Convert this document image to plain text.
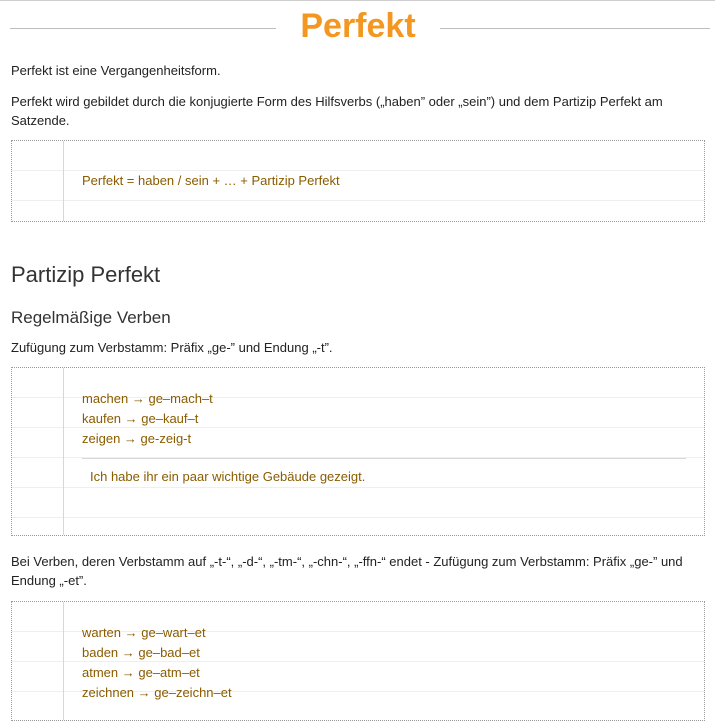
Perfekt
Perfekt ist eine Vergangenheitsform.
Perfekt wird gebildet durch die konjugierte Form des Hilfsverbs („haben” oder „sein”) und dem Partizip Perfekt am Satzende.
Perfekt = haben / sein + … + Partizip Perfekt
Partizip Perfekt
Regelmäßige Verben
Zufügung zum Verbstamm: Präfix „ge-” und Endung „-t”.
machen → ge–mach–t
kaufen → ge–kauf–t
zeigen → ge-zeig-t
Ich habe ihr ein paar wichtige Gebäude gezeigt.
Bei Verben, deren Verbstamm auf „-t-“, „-d-“, „-tm-“, „-chn-“, „-ffn-“ endet - Zufügung zum Verbstamm: Präfix „ge-” und Endung „-et”.
warten → ge–wart–et
baden → ge–bad–et
atmen → ge–atm–et
zeichnen → ge–zeichn–et
